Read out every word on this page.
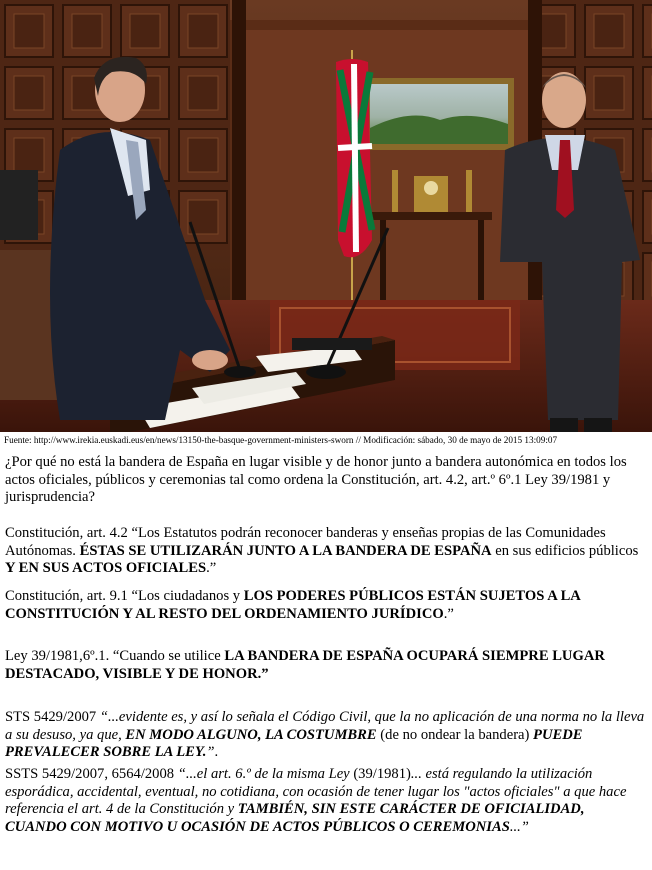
Fuente: http://www.irekia.euskadi.eus/en/news/13150-the-basque-government-ministers-sworn // Modificación: sábado, 30 de mayo de 2015 13:09:07

¿Por qué no está la bandera de España en lugar visible y de honor junto a bandera autonómica en todos los actos oficiales, públicos y ceremonias tal como ordena la Constitución, art. 4.2, art.º 6º.1 Ley 39/1981 y jurisprudencia?

Constitución, art. 4.2 “Los Estatutos podrán reconocer banderas y enseñas propias de las Comunidades Autónomas. ÉSTAS SE UTILIZARÁN JUNTO A LA BANDERA DE ESPAÑA en sus edificios públicos Y EN SUS ACTOS OFICIALES.”

Constitución, art. 9.1 “Los ciudadanos y LOS PODERES PÚBLICOS ESTÁN SUJETOS A LA CONSTITUCIÓN Y AL RESTO DEL ORDENAMIENTO JURÍDICO.”

Ley 39/1981,6º.1. “Cuando se utilice LA BANDERA DE ESPAÑA OCUPARÁ SIEMPRE LUGAR DESTACADO, VISIBLE Y DE HONOR.”

STS 5429/2007 “...evidente es, y así lo señala el Código Civil, que la no aplicación de una norma no la lleva a su desuso, ya que, EN MODO ALGUNO, LA COSTUMBRE (de no ondear la bandera) PUEDE PREVALECER SOBRE LA LEY.”.

SSTS 5429/2007, 6564/2008 “...el art. 6.º de la misma Ley (39/1981)... está regulando la utilización esporádica, accidental, eventual, no cotidiana, con ocasión de tener lugar los "actos oficiales" a que hace referencia el art. 4 de la Constitución y TAMBIÉN, SIN ESTE CARÁCTER DE OFICIALIDAD, CUANDO CON MOTIVO U OCASIÓN DE ACTOS PÚBLICOS O CEREMONIAS...”
